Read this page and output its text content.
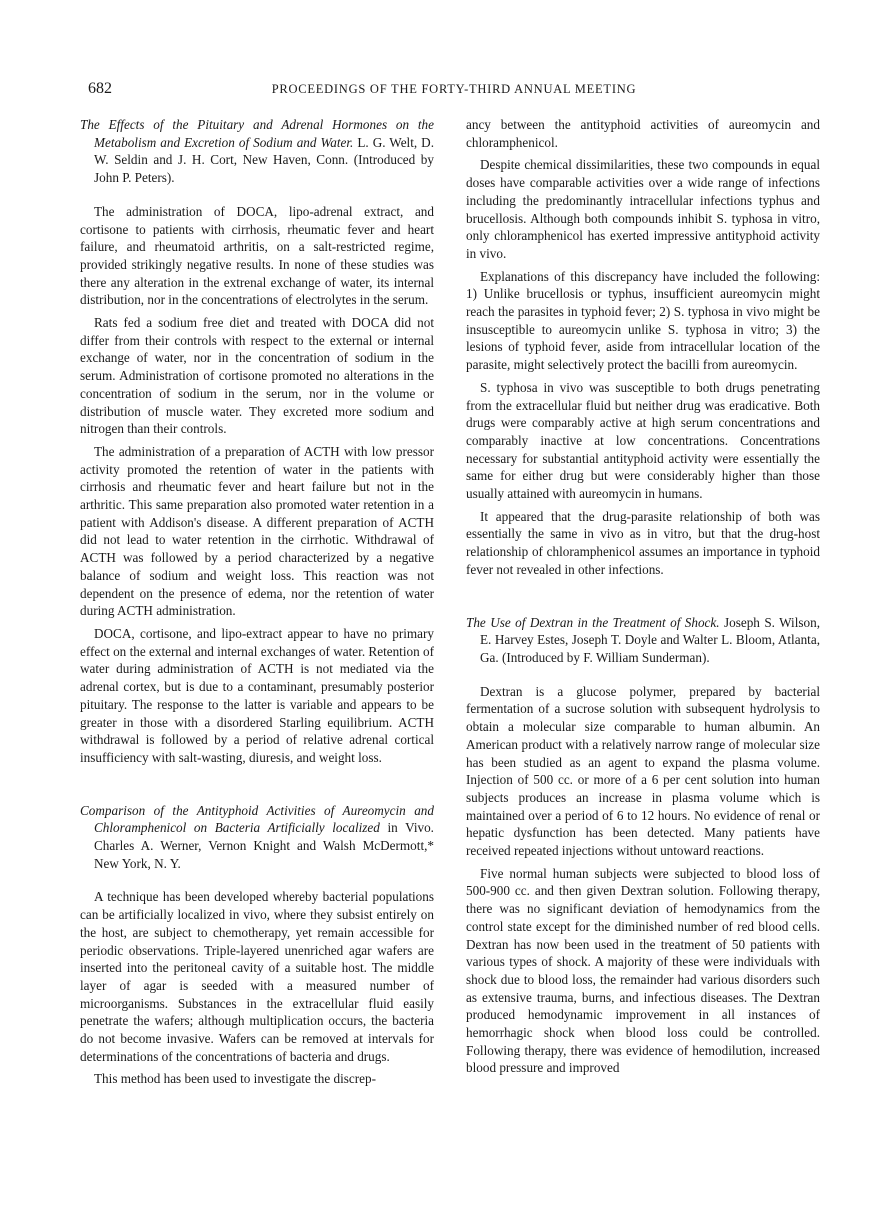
682	PROCEEDINGS OF THE FORTY-THIRD ANNUAL MEETING

The Effects of the Pituitary and Adrenal Hormones on the Metabolism and Excretion of Sodium and Water. L. G. Welt, D. W. Seldin and J. H. Cort, New Haven, Conn. (Introduced by John P. Peters).

The administration of DOCA, lipo-adrenal extract, and cortisone to patients with cirrhosis, rheumatic fever and heart failure, and rheumatoid arthritis, on a salt-restricted regime, provided strikingly negative results. In none of these studies was there any alteration in the extrenal exchange of water, its internal distribution, nor in the concentrations of electrolytes in the serum.

Rats fed a sodium free diet and treated with DOCA did not differ from their controls with respect to the external or internal exchange of water, nor in the concentration of sodium in the serum. Administration of cortisone promoted no alterations in the concentration of sodium in the serum, nor in the volume or distribution of muscle water. They excreted more sodium and nitrogen than their controls.

The administration of a preparation of ACTH with low pressor activity promoted the retention of water in the patients with cirrhosis and rheumatic fever and heart failure but not in the arthritic. This same preparation also promoted water retention in a patient with Addison's disease. A different preparation of ACTH did not lead to water retention in the cirrhotic. Withdrawal of ACTH was followed by a period characterized by a negative balance of sodium and weight loss. This reaction was not dependent on the presence of edema, nor the retention of water during ACTH administration.

DOCA, cortisone, and lipo-extract appear to have no primary effect on the external and internal exchanges of water. Retention of water during administration of ACTH is not mediated via the adrenal cortex, but is due to a contaminant, presumably posterior pituitary. The response to the latter is variable and appears to be greater in those with a disordered Starling equilibrium. ACTH withdrawal is followed by a period of relative adrenal cortical insufficiency with salt-wasting, diuresis, and weight loss.

Comparison of the Antityphoid Activities of Aureomycin and Chloramphenicol on Bacteria Artificially localized in Vivo. Charles A. Werner, Vernon Knight and Walsh McDermott,* New York, N. Y.

A technique has been developed whereby bacterial populations can be artificially localized in vivo, where they subsist entirely on the host, are subject to chemotherapy, yet remain accessible for periodic observations. Triple-layered unenriched agar wafers are inserted into the peritoneal cavity of a suitable host. The middle layer of agar is seeded with a measured number of microorganisms. Substances in the extracellular fluid easily penetrate the wafers; although multiplication occurs, the bacteria do not become invasive. Wafers can be removed at intervals for determinations of the concentrations of bacteria and drugs.

This method has been used to investigate the discrep-

ancy between the antityphoid activities of aureomycin and chloramphenicol.

Despite chemical dissimilarities, these two compounds in equal doses have comparable activities over a wide range of infections including the predominantly intracellular infections typhus and brucellosis. Although both compounds inhibit S. typhosa in vitro, only chloramphenicol has exerted impressive antityphoid activity in vivo.

Explanations of this discrepancy have included the following: 1) Unlike brucellosis or typhus, insufficient aureomycin might reach the parasites in typhoid fever; 2) S. typhosa in vivo might be insusceptible to aureomycin unlike S. typhosa in vitro; 3) the lesions of typhoid fever, aside from intracellular location of the parasite, might selectively protect the bacilli from aureomycin.

S. typhosa in vivo was susceptible to both drugs penetrating from the extracellular fluid but neither drug was eradicative. Both drugs were comparably active at high serum concentrations and comparably inactive at low concentrations. Concentrations necessary for substantial antityphoid activity were essentially the same for either drug but were considerably higher than those usually attained with aureomycin in humans.

It appeared that the drug-parasite relationship of both was essentially the same in vivo as in vitro, but that the drug-host relationship of chloramphenicol assumes an importance in typhoid fever not revealed in other infections.

The Use of Dextran in the Treatment of Shock. Joseph S. Wilson, E. Harvey Estes, Joseph T. Doyle and Walter L. Bloom, Atlanta, Ga. (Introduced by F. William Sunderman).

Dextran is a glucose polymer, prepared by bacterial fermentation of a sucrose solution with subsequent hydrolysis to obtain a molecular size comparable to human albumin. An American product with a relatively narrow range of molecular size has been studied as an agent to expand the plasma volume. Injection of 500 cc. or more of a 6 per cent solution into human subjects produces an increase in plasma volume which is maintained over a period of 6 to 12 hours. No evidence of renal or hepatic dysfunction has been detected. Many patients have received repeated injections without untoward reactions.

Five normal human subjects were subjected to blood loss of 500-900 cc. and then given Dextran solution. Following therapy, there was no significant deviation of hemodynamics from the control state except for the diminished number of red blood cells. Dextran has now been used in the treatment of 50 patients with various types of shock. A majority of these were individuals with shock due to blood loss, the remainder had various disorders such as extensive trauma, burns, and infectious diseases. The Dextran produced hemodynamic improvement in all instances of hemorrhagic shock when blood loss could be controlled. Following therapy, there was evidence of hemodilution, increased blood pressure and improved
